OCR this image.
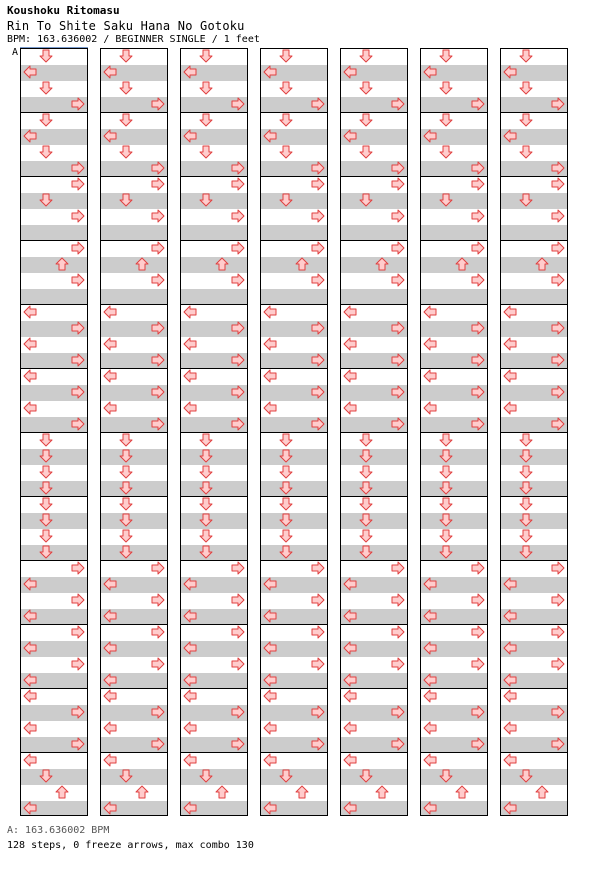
Koushoku Ritomasu
Rin To Shite Saku Hana No Gotoku
BPM: 163.636002 / BEGINNER SINGLE / 1 feet
A
A: 163.636002 BPM
128 steps, 0 freeze arrows, max combo 130
